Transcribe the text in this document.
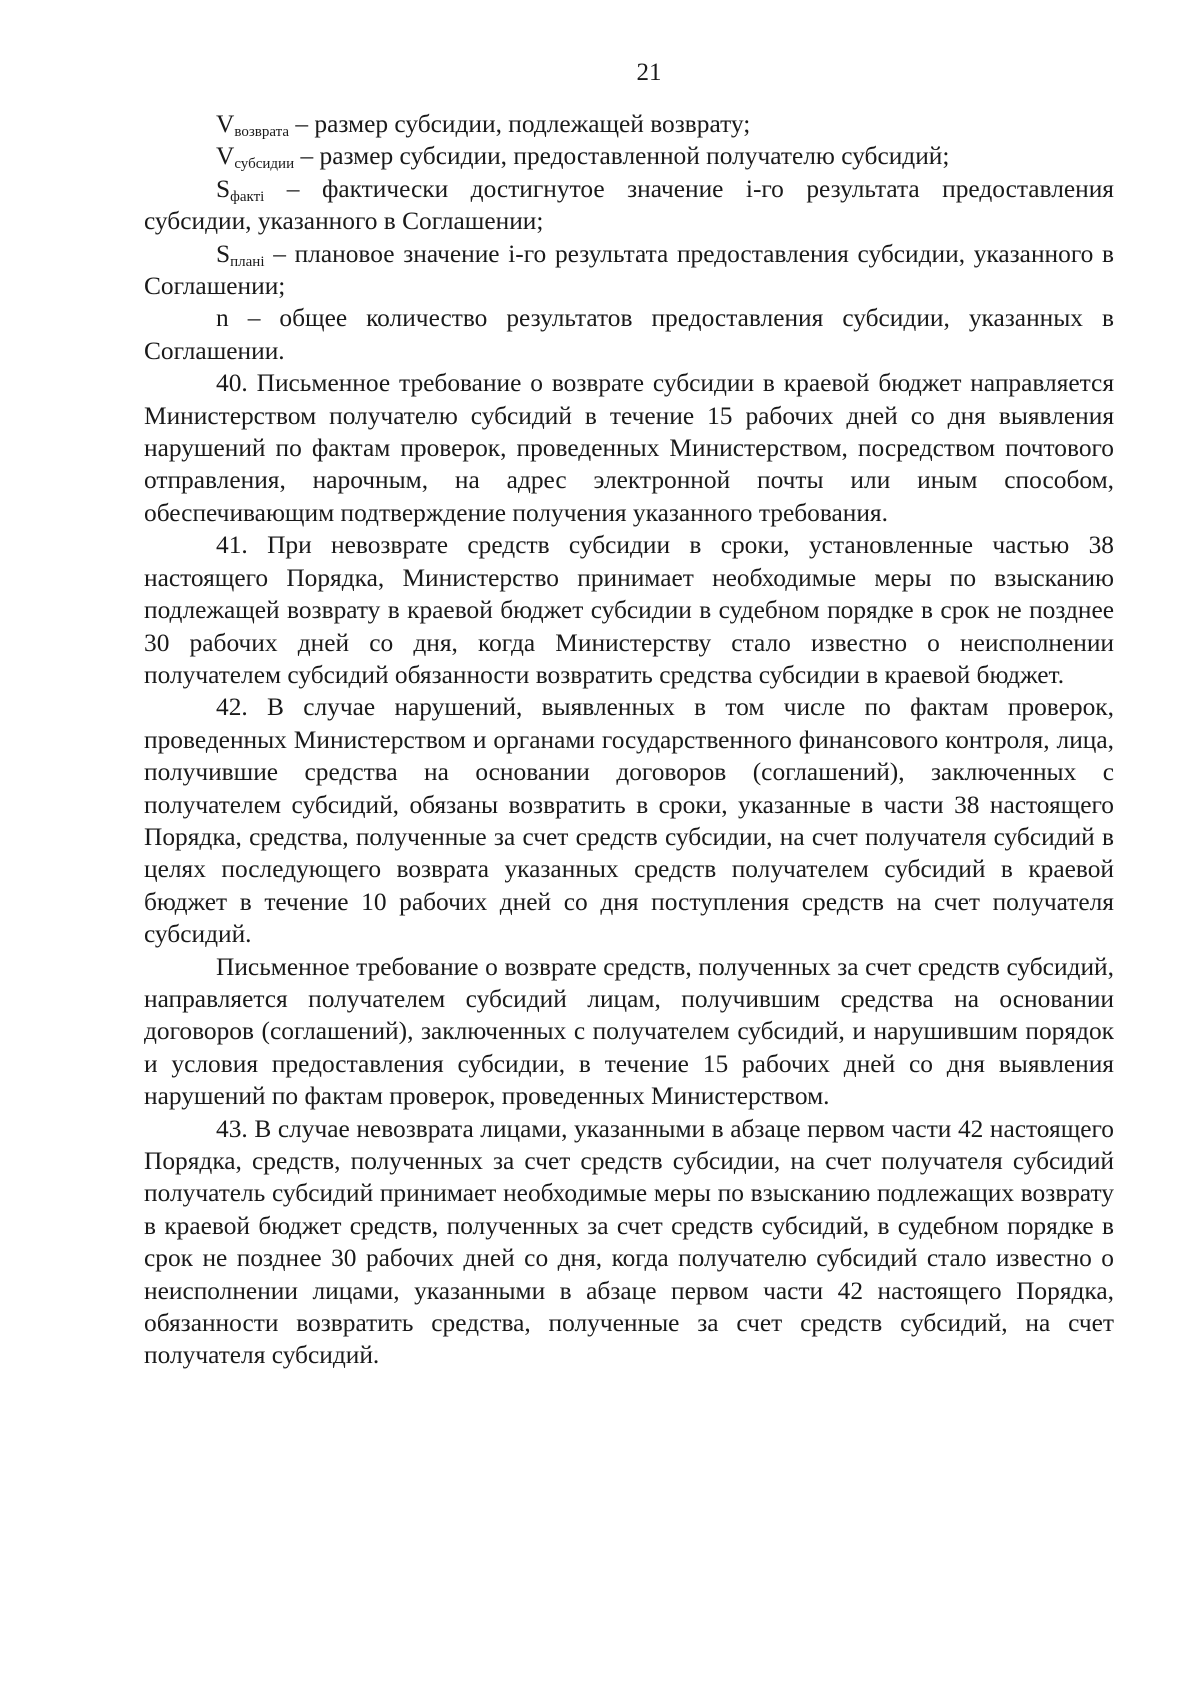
21

$V_{возврата}$ – размер субсидии, подлежащей возврату;

$V_{субсидии}$ – размер субсидии, предоставленной получателю субсидий;

$S_{фактi}$ – фактически достигнутое значение i-го результата предоставления субсидии, указанного в Соглашении;

$S_{планi}$ – плановое значение i-го результата предоставления субсидии, указанного в Соглашении;

n – общее количество результатов предоставления субсидии, указанных в Соглашении.

40. Письменное требование о возврате субсидии в краевой бюджет направляется Министерством получателю субсидий в течение 15 рабочих дней со дня выявления нарушений по фактам проверок, проведенных Министерством, посредством почтового отправления, нарочным, на адрес электронной почты или иным способом, обеспечивающим подтверждение получения указанного требования.

41. При невозврате средств субсидии в сроки, установленные частью 38 настоящего Порядка, Министерство принимает необходимые меры по взысканию подлежащей возврату в краевой бюджет субсидии в судебном порядке в срок не позднее 30 рабочих дней со дня, когда Министерству стало известно о неисполнении получателем субсидий обязанности возвратить средства субсидии в краевой бюджет.

42. В случае нарушений, выявленных в том числе по фактам проверок, проведенных Министерством и органами государственного финансового контроля, лица, получившие средства на основании договоров (соглашений), заключенных с получателем субсидий, обязаны возвратить в сроки, указанные в части 38 настоящего Порядка, средства, полученные за счет средств субсидии, на счет получателя субсидий в целях последующего возврата указанных средств получателем субсидий в краевой бюджет в течение 10 рабочих дней со дня поступления средств на счет получателя субсидий.

Письменное требование о возврате средств, полученных за счет средств субсидий, направляется получателем субсидий лицам, получившим средства на основании договоров (соглашений), заключенных с получателем субсидий, и нарушившим порядок и условия предоставления субсидии, в течение 15 рабочих дней со дня выявления нарушений по фактам проверок, проведенных Министерством.

43. В случае невозврата лицами, указанными в абзаце первом части 42 настоящего Порядка, средств, полученных за счет средств субсидии, на счет получателя субсидий получатель субсидий принимает необходимые меры по взысканию подлежащих возврату в краевой бюджет средств, полученных за счет средств субсидий, в судебном порядке в срок не позднее 30 рабочих дней со дня, когда получателю субсидий стало известно о неисполнении лицами, указанными в абзаце первом части 42 настоящего Порядка, обязанности возвратить средства, полученные за счет средств субсидий, на счет получателя субсидий.
